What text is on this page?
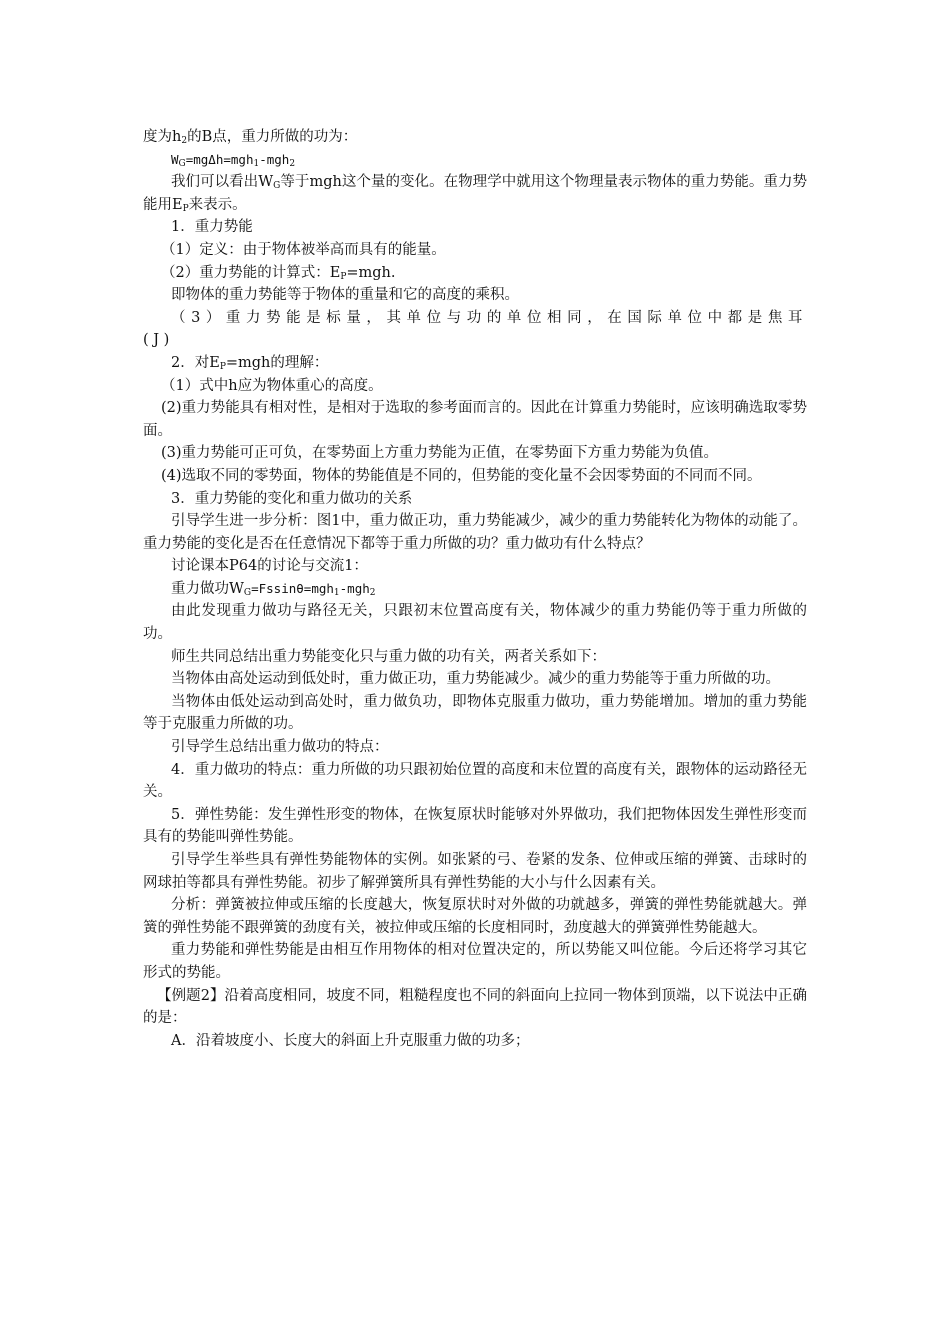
度为$h_2$的B点，重力所做的功为：

$W_G=mg\Delta h=mgh_1-mgh_2$

我们可以看出$W_G$等于mgh这个量的变化。在物理学中就用这个物理量表示物体的重力势能。重力势能用$E_P$来表示。

1．重力势能

（1）定义：由于物体被举高而具有的能量。

（2）重力势能的计算式：$E_P=mgh$.

即物体的重力势能等于物体的重量和它的高度的乘积。

（3）重力势能是标量，其单位与功的单位相同，在国际单位中都是焦耳(J)

2．对$E_P=mgh$的理解：

（1）式中h应为物体重心的高度。

(2)重力势能具有相对性，是相对于选取的参考面而言的。因此在计算重力势能时，应该明确选取零势面。

(3)重力势能可正可负，在零势面上方重力势能为正值，在零势面下方重力势能为负值。

(4)选取不同的零势面，物体的势能值是不同的，但势能的变化量不会因零势面的不同而不同。

3．重力势能的变化和重力做功的关系

引导学生进一步分析：图1中，重力做正功，重力势能减少，减少的重力势能转化为物体的动能了。重力势能的变化是否在任意情况下都等于重力所做的功？重力做功有什么特点？

讨论课本P64的讨论与交流1：

重力做功$W_G=Fssin\theta=mgh_1-mgh_2$

由此发现重力做功与路径无关，只跟初末位置高度有关，物体减少的重力势能仍等于重力所做的功。

师生共同总结出重力势能变化只与重力做的功有关，两者关系如下：

当物体由高处运动到低处时，重力做正功，重力势能减少。减少的重力势能等于重力所做的功。

当物体由低处运动到高处时，重力做负功，即物体克服重力做功，重力势能增加。增加的重力势能等于克服重力所做的功。

引导学生总结出重力做功的特点：

4．重力做功的特点：重力所做的功只跟初始位置的高度和末位置的高度有关，跟物体的运动路径无关。

5．弹性势能：发生弹性形变的物体，在恢复原状时能够对外界做功，我们把物体因发生弹性形变而具有的势能叫弹性势能。

引导学生举些具有弹性势能物体的实例。如张紧的弓、卷紧的发条、位伸或压缩的弹簧、击球时的网球拍等都具有弹性势能。初步了解弹簧所具有弹性势能的大小与什么因素有关。

分析：弹簧被拉伸或压缩的长度越大，恢复原状时对外做的功就越多，弹簧的弹性势能就越大。弹簧的弹性势能不跟弹簧的劲度有关，被拉伸或压缩的长度相同时，劲度越大的弹簧弹性势能越大。

重力势能和弹性势能是由相互作用物体的相对位置决定的，所以势能又叫位能。今后还将学习其它形式的势能。

【例题2】沿着高度相同，坡度不同，粗糙程度也不同的斜面向上拉同一物体到顶端，以下说法中正确的是：

A．沿着坡度小、长度大的斜面上升克服重力做的功多；
